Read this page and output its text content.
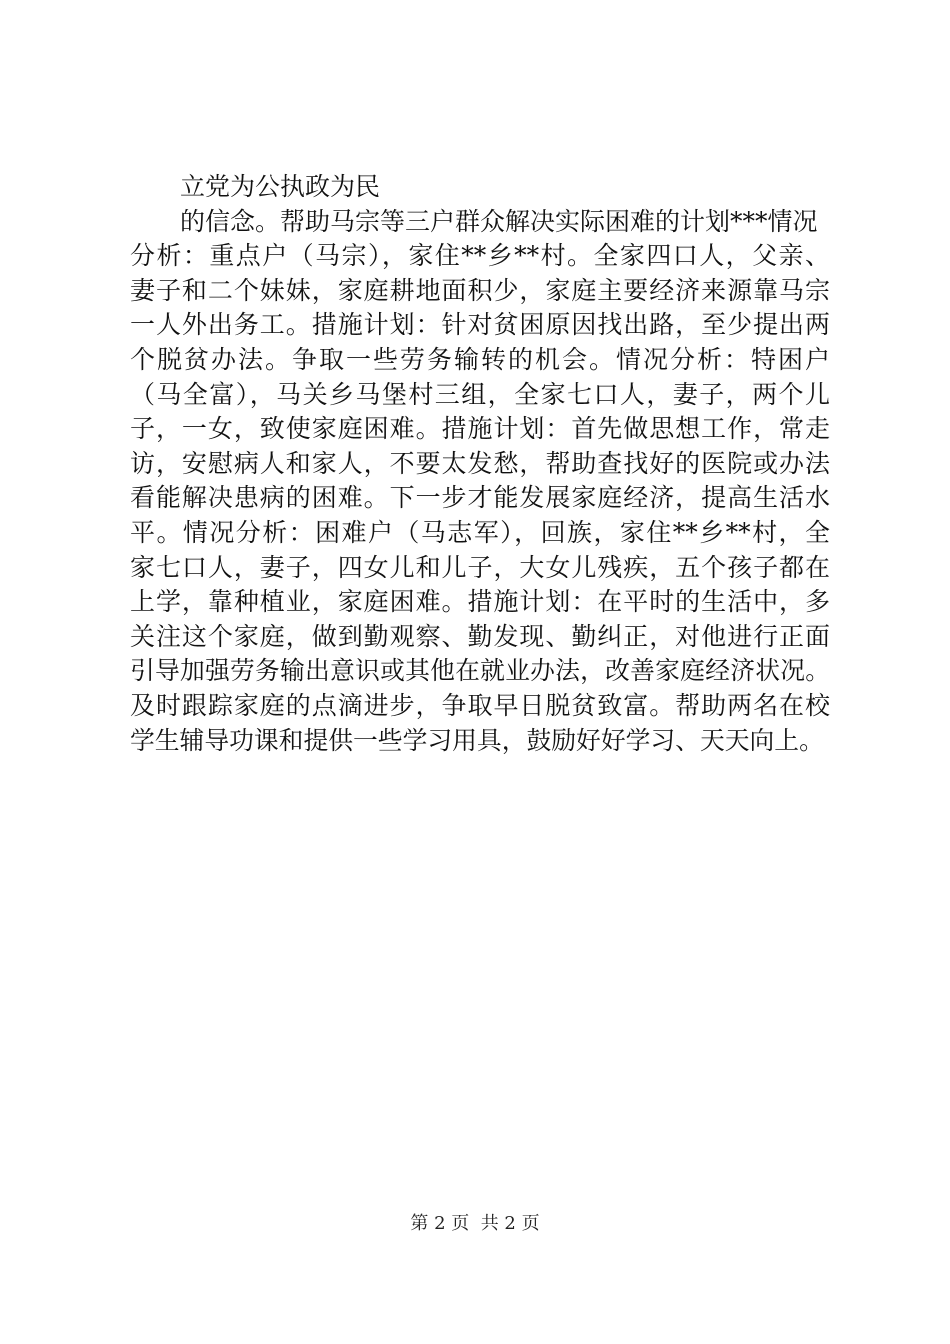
立党为公执政为民
的信念。帮助马宗等三户群众解决实际困难的计划***情况
分析：重点户（马宗），家住**乡**村。全家四口人，父亲、
妻子和二个妹妹，家庭耕地面积少，家庭主要经济来源靠马宗
一人外出务工。措施计划：针对贫困原因找出路，至少提出两
个脱贫办法。争取一些劳务输转的机会。情况分析：特困户
（马全富），马关乡马堡村三组，全家七口人，妻子，两个儿
子，一女，致使家庭困难。措施计划：首先做思想工作，常走
访，安慰病人和家人，不要太发愁，帮助查找好的医院或办法
看能解决患病的困难。下一步才能发展家庭经济，提高生活水
平。情况分析：困难户（马志军），回族，家住**乡**村，全
家七口人，妻子，四女儿和儿子，大女儿残疾，五个孩子都在
上学，靠种植业，家庭困难。措施计划：在平时的生活中，多
关注这个家庭，做到勤观察、勤发现、勤纠正，对他进行正面
引导加强劳务输出意识或其他在就业办法，改善家庭经济状况。
及时跟踪家庭的点滴进步，争取早日脱贫致富。帮助两名在校
学生辅导功课和提供一些学习用具，鼓励好好学习、天天向上。
第 2 页  共 2 页
